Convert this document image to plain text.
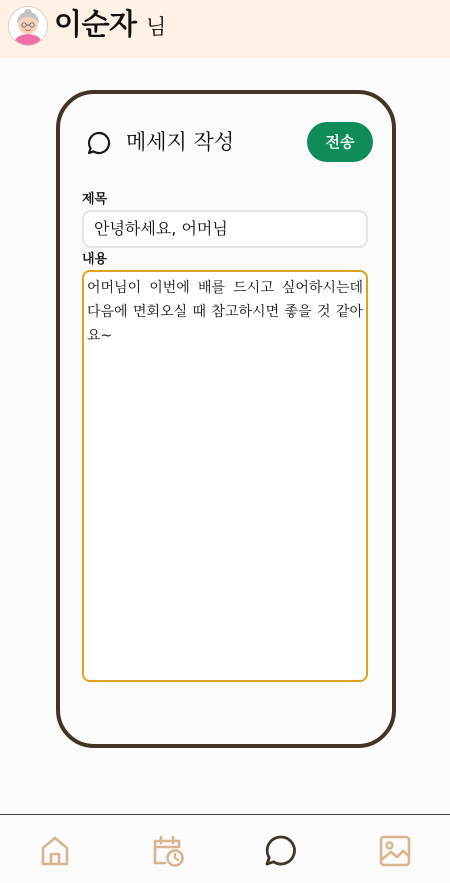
이순자 님
메세지 작성	전송
제목
안녕하세요, 어머님
내용
어머님이 이번에 배를 드시고 싶어하시는데 다음에 면회오실 때 참고하시면 좋을 것 같아요~
